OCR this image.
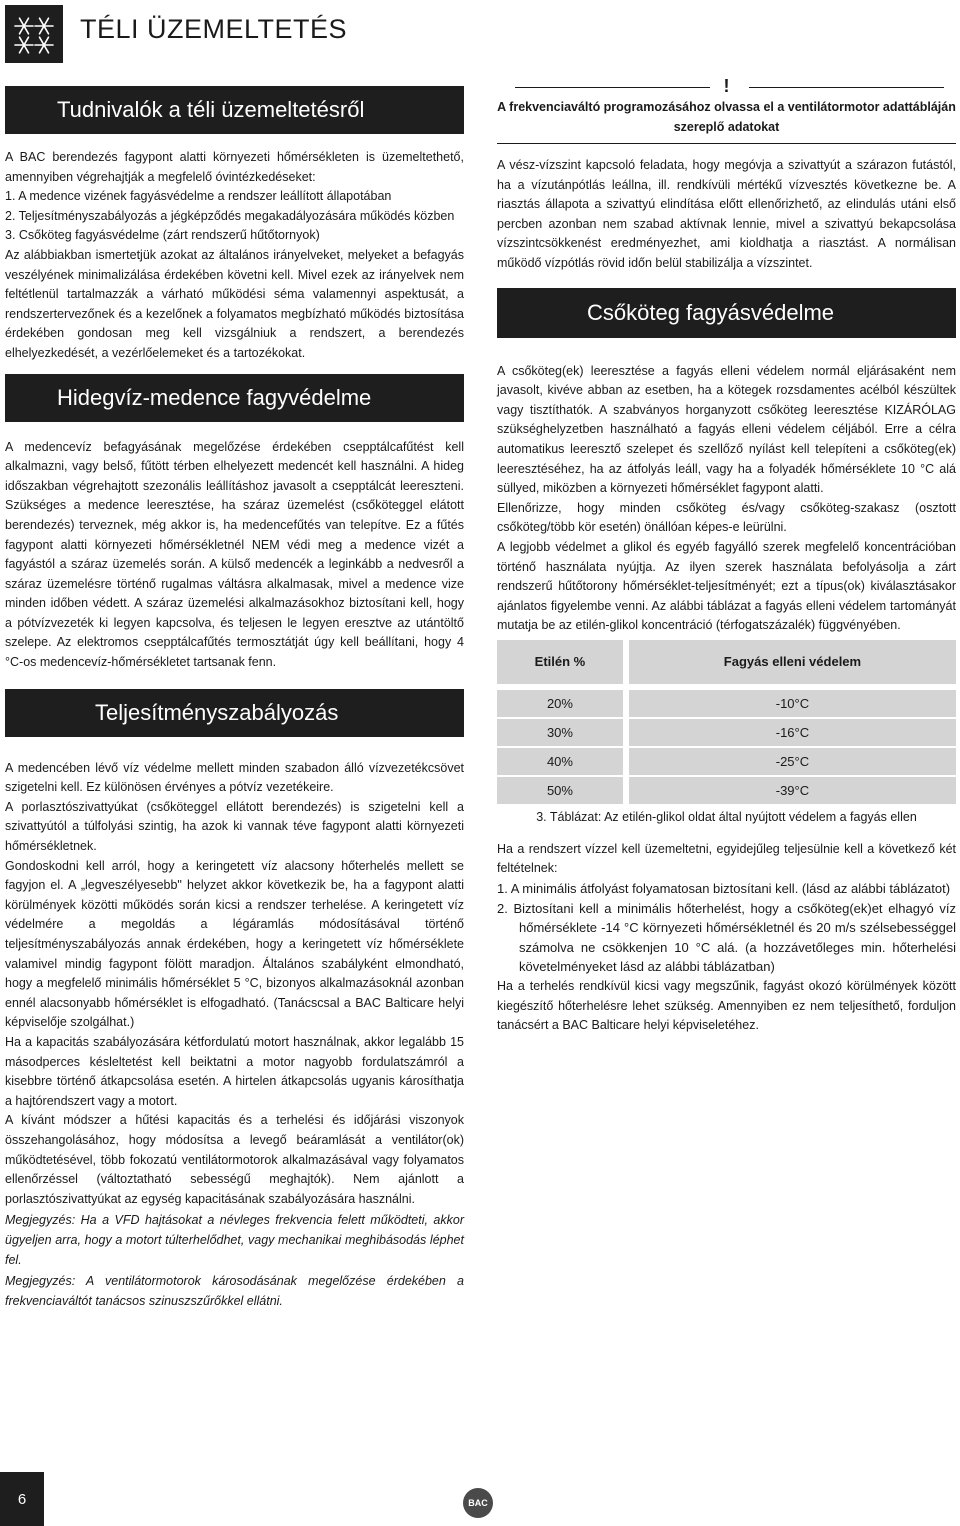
TÉLI ÜZEMELTETÉS
Tudnivalók a téli üzemeltetésről

A BAC berendezés fagypont alatti környezeti hőmérsékleten is üzemeltethető, amennyiben végrehajtják a megfelelő óvintézkedéseket:

1. A medence vizének fagyásvédelme a rendszer leállított állapotában
2. Teljesítményszabályozás a jégképződés megakadályozására működés közben
3. Csőköteg fagyásvédelme (zárt rendszerű hűtőtornyok)

Az alábbiakban ismertetjük azokat az általános irányelveket, melyeket a befagyás veszélyének minimalizálása érdekében követni kell. Mivel ezek az irányelvek nem feltétlenül tartalmazzák a várható működési séma valamennyi aspektusát, a rendszertervezőnek és a kezelőnek a folyamatos megbízható működés biztosítása érdekében gondosan meg kell vizsgálniuk a rendszert, a berendezés elhelyezkedését, a vezérlőelemeket és a tartozékokat.

Hidegvíz-medence fagyvédelme

A medencevíz befagyásának megelőzése érdekében csepptálcafűtést kell alkalmazni, vagy belső, fűtött térben elhelyezett medencét kell használni. A hideg időszakban végrehajtott szezonális leállításhoz javasolt a csepptálcát leereszteni. Szükséges a medence leeresztése, ha száraz üzemelést (csőköteggel elátott berendezés) terveznek, még akkor is, ha medencefűtés van telepítve. Ez a fűtés fagypont alatti környezeti hőmérsékletnél NEM védi meg a medence vizét a fagyástól a száraz üzemelés során. A külső medencék a leginkább a nedvesről a száraz üzemelésre történő rugalmas váltásra alkalmasak, mivel a medence vize minden időben védett. A száraz üzemelési alkalmazásokhoz biztosítani kell, hogy a pótvízvezeték ki legyen kapcsolva, és teljesen le legyen eresztve az utántöltő szelepe. Az elektromos csepptálcafűtés termosztátját úgy kell beállítani, hogy 4 °C-os medencevíz-hőmérsékletet tartsanak fenn.

Teljesítményszabályozás

A medencében lévő víz védelme mellett minden szabadon álló vízvezetékcsövet szigetelni kell. Ez különösen érvényes a pótvíz vezetékeire.

A porlasztószivattyúkat (csőköteggel ellátott berendezés) is szigetelni kell a szivattyútól a túlfolyási szintig, ha azok ki vannak téve fagypont alatti környezeti hőmérsékletnek.

Gondoskodni kell arról, hogy a keringetett víz alacsony hőterhelés mellett se fagyjon el. A „legveszélyesebb" helyzet akkor következik be, ha a fagypont alatti körülmények közötti működés során kicsi a rendszer terhelése. A keringetett víz védelmére a megoldás a légáramlás módosításával történő teljesítményszabályozás annak érdekében, hogy a keringetett víz hőmérséklete valamivel mindig fagypont fölött maradjon. Általános szabályként elmondható, hogy a megfelelő minimális hőmérséklet 5 °C, bizonyos alkalmazásoknál azonban ennél alacsonyabb hőmérséklet is elfogadható. (Tanácscsal a BAC Balticare helyi képviselője szolgálhat.)

Ha a kapacitás szabályozására kétfordulatú motort használnak, akkor legalább 15 másodperces késleltetést kell beiktatni a motor nagyobb fordulatszámról a kisebbre történő átkapcsolása esetén. A hirtelen átkapcsolás ugyanis károsíthatja a hajtórendszert vagy a motort.

A kívánt módszer a hűtési kapacitás és a terhelési és időjárási viszonyok összehangolásához, hogy módosítsa a levegő beáramlását a ventilátor(ok) működtetésével, több fokozatú ventilátormotorok alkalmazásával vagy folyamatos ellenőrzéssel (változtatható sebességű meghajtók). Nem ajánlott a porlasztószivattyúkat az egység kapacitásának szabályozására használni.

Megjegyzés: Ha a VFD hajtásokat a névleges frekvencia felett működteti, akkor ügyeljen arra, hogy a motort túlterhelődhet, vagy mechanikai meghibásodás léphet fel.

Megjegyzés: A ventilátormotorok károsodásának megelőzése érdekében a frekvenciaváltót tanácsos szinuszszűrőkkel ellátni.

!
A frekvenciaváltó programozásához olvassa el a ventilátormotor adattábláján szereplő adatokat

A vész-vízszint kapcsoló feladata, hogy megóvja a szivattyút a szárazon futástól, ha a vízutánpótlás leállna, ill. rendkívüli mértékű vízvesztés következne be. A riasztás állapota a szivattyú elindítása előtt ellenőrizhető, az elindulás utáni első percben azonban nem szabad aktívnak lennie, mivel a szivattyú bekapcsolása vízszintcsökkenést eredményezhet, ami kioldhatja a riasztást. A normálisan működő vízpótlás rövid időn belül stabilizálja a vízszintet.

Csőköteg fagyásvédelme

A csőköteg(ek) leeresztése a fagyás elleni védelem normál eljárásaként nem javasolt, kivéve abban az esetben, ha a kötegek rozsdamentes acélból készültek vagy tisztíthatók. A szabványos horganyzott csőköteg leeresztése KIZÁRÓLAG szükséghelyzetben használható a fagyás elleni védelem céljából. Erre a célra automatikus leeresztő szelepet és szellőző nyílást kell telepíteni a csőköteg(ek) leeresztéséhez, ha az átfolyás leáll, vagy ha a folyadék hőmérséklete 10 °C alá süllyed, miközben a környezeti hőmérséklet fagypont alatti.

Ellenőrizze, hogy minden csőköteg és/vagy csőköteg-szakasz (osztott csőköteg/több kör esetén) önállóan képes-e leürülni.

A legjobb védelmet a glikol és egyéb fagyálló szerek megfelelő koncentrációban történő használata nyújtja. Az ilyen szerek használata befolyásolja a zárt rendszerű hűtőtorony hőmérséklet-teljesítményét; ezt a típus(ok) kiválasztásakor ajánlatos figyelembe venni. Az alábbi táblázat a fagyás elleni védelem tartományát mutatja be az etilén-glikol koncentráció (térfogatszázalék) függvényében.

Etilén %	Fagyás elleni védelem
20%	-10°C
30%	-16°C
40%	-25°C
50%	-39°C
3. Táblázat: Az etilén-glikol oldat által nyújtott védelem a fagyás ellen

Ha a rendszert vízzel kell üzemeltetni, egyidejűleg teljesülnie kell a következő két feltételnek:

1. A minimális átfolyást folyamatosan biztosítani kell. (lásd az alábbi táblázatot)
2. Biztosítani kell a minimális hőterhelést, hogy a csőköteg(ek)et elhagyó víz hőmérséklete -14 °C környezeti hőmérsékletnél és 20 m/s szélsebességgel számolva ne csökkenjen 10 °C alá. (a hozzávetőleges min. hőterhelési követelményeket lásd az alábbi táblázatban)

Ha a terhelés rendkívül kicsi vagy megszűnik, fagyást okozó körülmények között kiegészítő hőterhelésre lehet szükség. Amennyiben ez nem teljesíthető, forduljon tanácsért a BAC Balticare helyi képviseletéhez.

6	BAC
